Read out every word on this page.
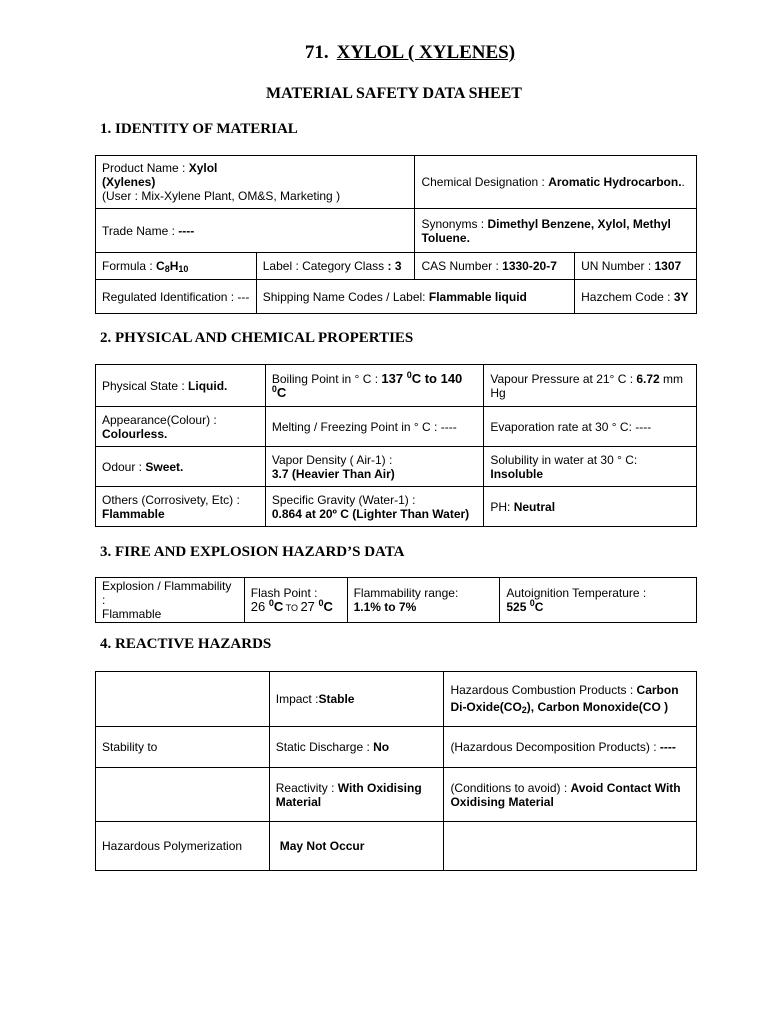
71. XYLOL ( XYLENES)
MATERIAL SAFETY DATA SHEET
1. IDENTITY OF MATERIAL
Product Name : Xylol
(Xylenes)
(User : Mix-Xylene Plant, OM&S, Marketing )		Chemical Designation : Aromatic Hydrocarbon..	
Trade Name : ----		Synonyms : Dimethyl Benzene, Xylol, Methyl Toluene.	
Formula : $C_8H_{10}$	Label : Category Class : 3	CAS Number : 1330-20-7	UN Number : 1307
Regulated Identification : ---	Shipping Name Codes / Label: Flammable liquid		Hazchem Code : 3Y
2. PHYSICAL AND CHEMICAL PROPERTIES
Physical State : Liquid.	Boiling Point in ° C : 137 $^0$C to 140 $^0$C	Vapour Pressure at 21° C : 6.72 mm Hg
Appearance(Colour) :
Colourless.	Melting / Freezing Point in ° C : ----	Evaporation rate at 30 ° C: ----
Odour : Sweet.	Vapor Density ( Air-1) :
3.7 (Heavier Than Air)	Solubility in water at 30 ° C:
Insoluble
Others (Corrosivety, Etc) :
Flammable	Specific Gravity (Water-1) :
0.864 at 20º C (Lighter Than Water)	PH: Neutral
3. FIRE AND EXPLOSION HAZARD’S DATA
Explosion / Flammability :
Flammable	Flash Point :
26 $^0$C TO 27 $^0$C	Flammability range:
1.1% to 7%	Autoignition Temperature :
525 $^0$C
4. REACTIVE HAZARDS
	Impact :Stable	Hazardous Combustion Products : Carbon $Di-Oxide(CO_2)$, Carbon Monoxide(CO )
Stability to	Static Discharge : No	(Hazardous Decomposition Products) : ----
	Reactivity : With Oxidising Material	(Conditions to avoid) : Avoid Contact With Oxidising Material
Hazardous Polymerization	May Not Occur	
